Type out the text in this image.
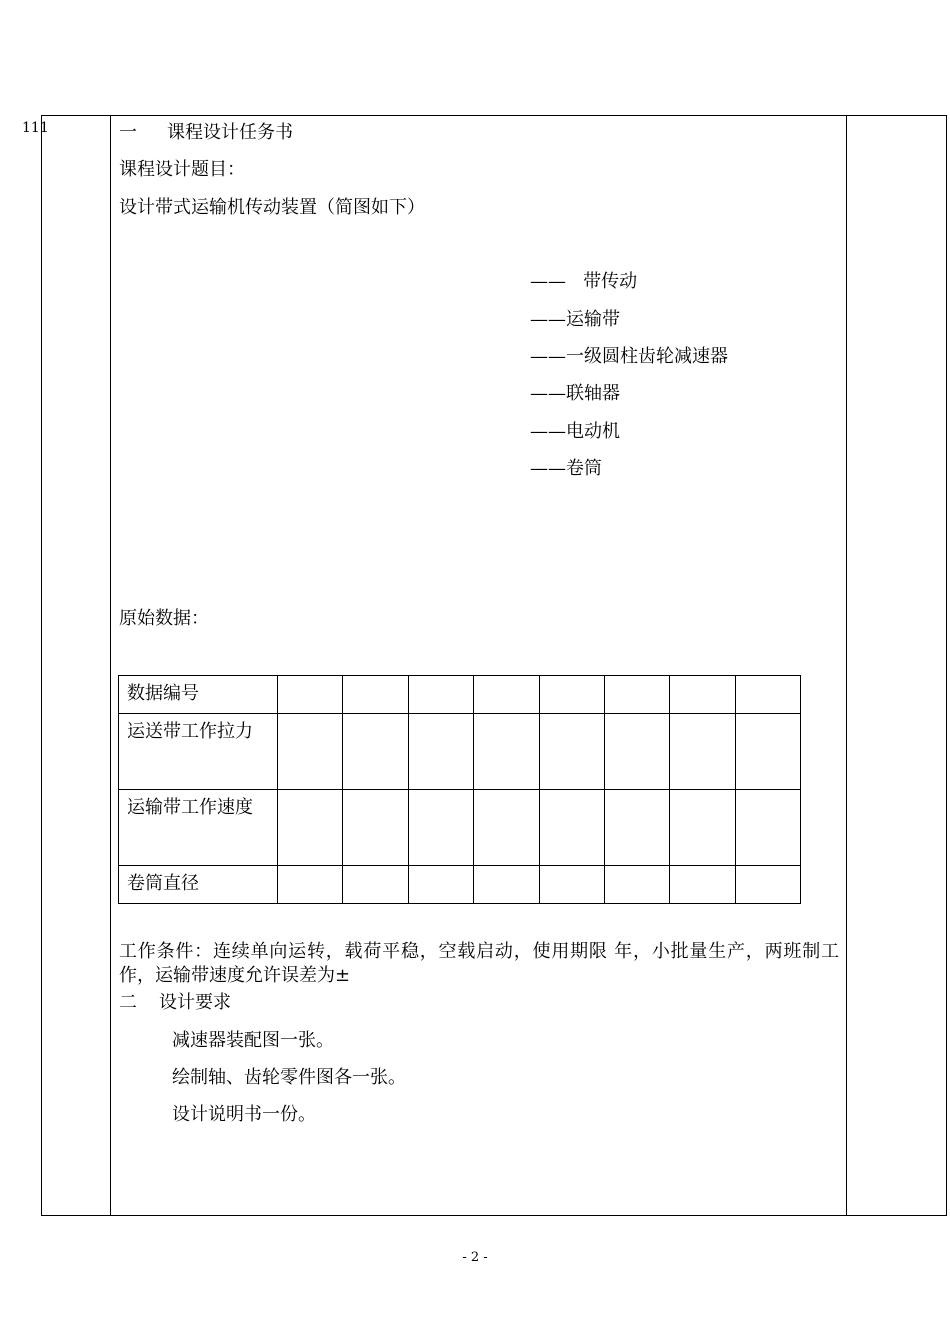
111	一 课程设计任务书
课程设计题目：
设计带式运输机传动装置（简图如下）
——   带传动
——运输带
——一级圆柱齿轮减速器
——联轴器
——电动机
——卷筒
原始数据：
数据编号								
运送带工作拉力								
运输带工作速度								
卷筒直径								
工作条件：连续单向运转，载荷平稳，空载启动，使用期限 年，小批量生产，两班制工作，运输带速度允许误差为±
二 设计要求
减速器装配图一张。
绘制轴、齿轮零件图各一张。
设计说明书一份。
- 2 -
